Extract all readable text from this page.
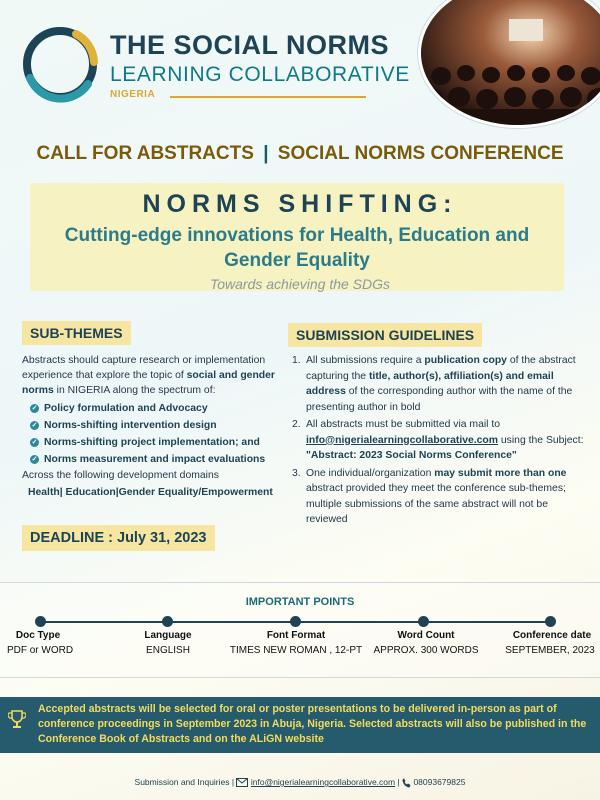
THE SOCIAL NORMS
LEARNING COLLABORATIVE
NIGERIA
CALL FOR ABSTRACTS | SOCIAL NORMS CONFERENCE
NORMS SHIFTING:
Cutting-edge innovations for Health, Education and Gender Equality
Towards achieving the SDGs
SUB-THEMES

Abstracts should capture research or implementation experience that explore the topic of social and gender norms in NIGERIA along the spectrum of:

✓ Policy formulation and Advocacy
✓ Norms-shifting intervention design
✓ Norms-shifting project implementation; and
✓ Norms measurement and impact evaluations

Across the following development domains

Health| Education|Gender Equality/Empowerment

DEADLINE : July 31, 2023
SUBMISSION GUIDELINES
1. All submissions require a publication copy of the abstract capturing the title, author(s), affiliation(s) and email address of the corresponding author with the name of the presenting author in bold
2. All abstracts must be submitted via mail to
info@nigerialearningcollaborative.com using the Subject: "Abstract: 2023 Social Norms Conference"
3. One individual/organization may submit more than one abstract provided they meet the conference sub-themes; multiple submissions of the same abstract will not be reviewed
IMPORTANT POINTS
Doc Type
PDF or WORD
Language
ENGLISH
Font Format
TIMES NEW ROMAN , 12-PT
Word Count
APPROX. 300 WORDS
Conference date
SEPTEMBER, 2023
Accepted abstracts will be selected for oral or poster presentations to be delivered in-person as part of conference proceedings in September 2023 in Abuja, Nigeria. Selected abstracts will also be published in the Conference Book of Abstracts and on the ALiGN website
Submission and Inquiries | info@nigerialearningcollaborative.com | 08093679825
